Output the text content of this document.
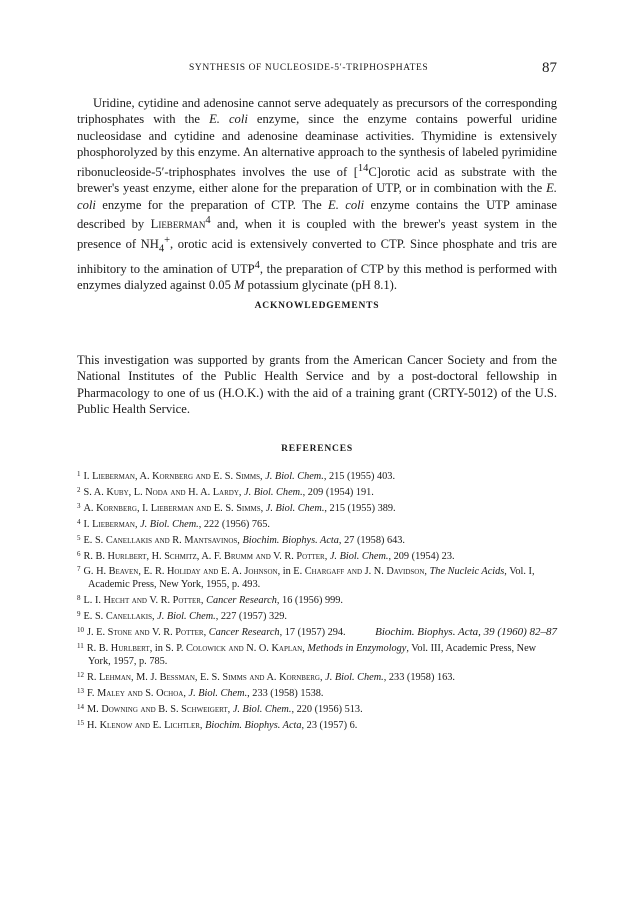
SYNTHESIS OF NUCLEOSIDE-5′-TRIPHOSPHATES	87

Uridine, cytidine and adenosine cannot serve adequately as precursors of the corresponding triphosphates with the E. coli enzyme, since the enzyme contains powerful uridine nucleosidase and cytidine and adenosine deaminase activities. Thymidine is extensively phosphorolyzed by this enzyme. An alternative approach to the synthesis of labeled pyrimidine ribonucleoside-5′-triphosphates involves the use of [$^{14}$C]orotic acid as substrate with the brewer's yeast enzyme, either alone for the preparation of UTP, or in combination with the E. coli enzyme for the preparation of CTP. The E. coli enzyme contains the UTP aminase described by Lieberman$^4$ and, when it is coupled with the brewer's yeast system in the presence of $NH_4^+$, orotic acid is extensively converted to CTP. Since phosphate and tris are inhibitory to the amination of UTP$^4$, the preparation of CTP by this method is performed with enzymes dialyzed against 0.05 M potassium glycinate (pH 8.1).

ACKNOWLEDGEMENTS

This investigation was supported by grants from the American Cancer Society and from the National Institutes of the Public Health Service and by a post-doctoral fellowship in Pharmacology to one of us (H.O.K.) with the aid of a training grant (CRTY-5012) of the U.S. Public Health Service.

REFERENCES
$^1$ I. Lieberman, A. Kornberg and E. S. Simms, J. Biol. Chem., 215 (1955) 403.
$^2$ S. A. Kuby, L. Noda and H. A. Lardy, J. Biol. Chem., 209 (1954) 191.
$^3$ A. Kornberg, I. Lieberman and E. S. Simms, J. Biol. Chem., 215 (1955) 389.
$^4$ I. Lieberman, J. Biol. Chem., 222 (1956) 765.
$^5$ E. S. Canellakis and R. Mantsavinos, Biochim. Biophys. Acta, 27 (1958) 643.
$^6$ R. B. Hurlbert, H. Schmitz, A. F. Brumm and V. R. Potter, J. Biol. Chem., 209 (1954) 23.
$^7$ G. H. Beaven, E. R. Holiday and E. A. Johnson, in E. Chargaff and J. N. Davidson, The Nucleic Acids, Vol. I, Academic Press, New York, 1955, p. 493.
$^8$ L. I. Hecht and V. R. Potter, Cancer Research, 16 (1956) 999.
$^9$ E. S. Canellakis, J. Biol. Chem., 227 (1957) 329.
$^{10}$ J. E. Stone and V. R. Potter, Cancer Research, 17 (1957) 294.
$^{11}$ R. B. Hurlbert, in S. P. Colowick and N. O. Kaplan, Methods in Enzymology, Vol. III, Academic Press, New York, 1957, p. 785.
$^{12}$ R. Lehman, M. J. Bessman, E. S. Simms and A. Kornberg, J. Biol. Chem., 233 (1958) 163.
$^{13}$ F. Maley and S. Ochoa, J. Biol. Chem., 233 (1958) 1538.
$^{14}$ M. Downing and B. S. Schweigert, J. Biol. Chem., 220 (1956) 513.
$^{15}$ H. Klenow and E. Lichtler, Biochim. Biophys. Acta, 23 (1957) 6.
Biochim. Biophys. Acta, 39 (1960) 82–87
